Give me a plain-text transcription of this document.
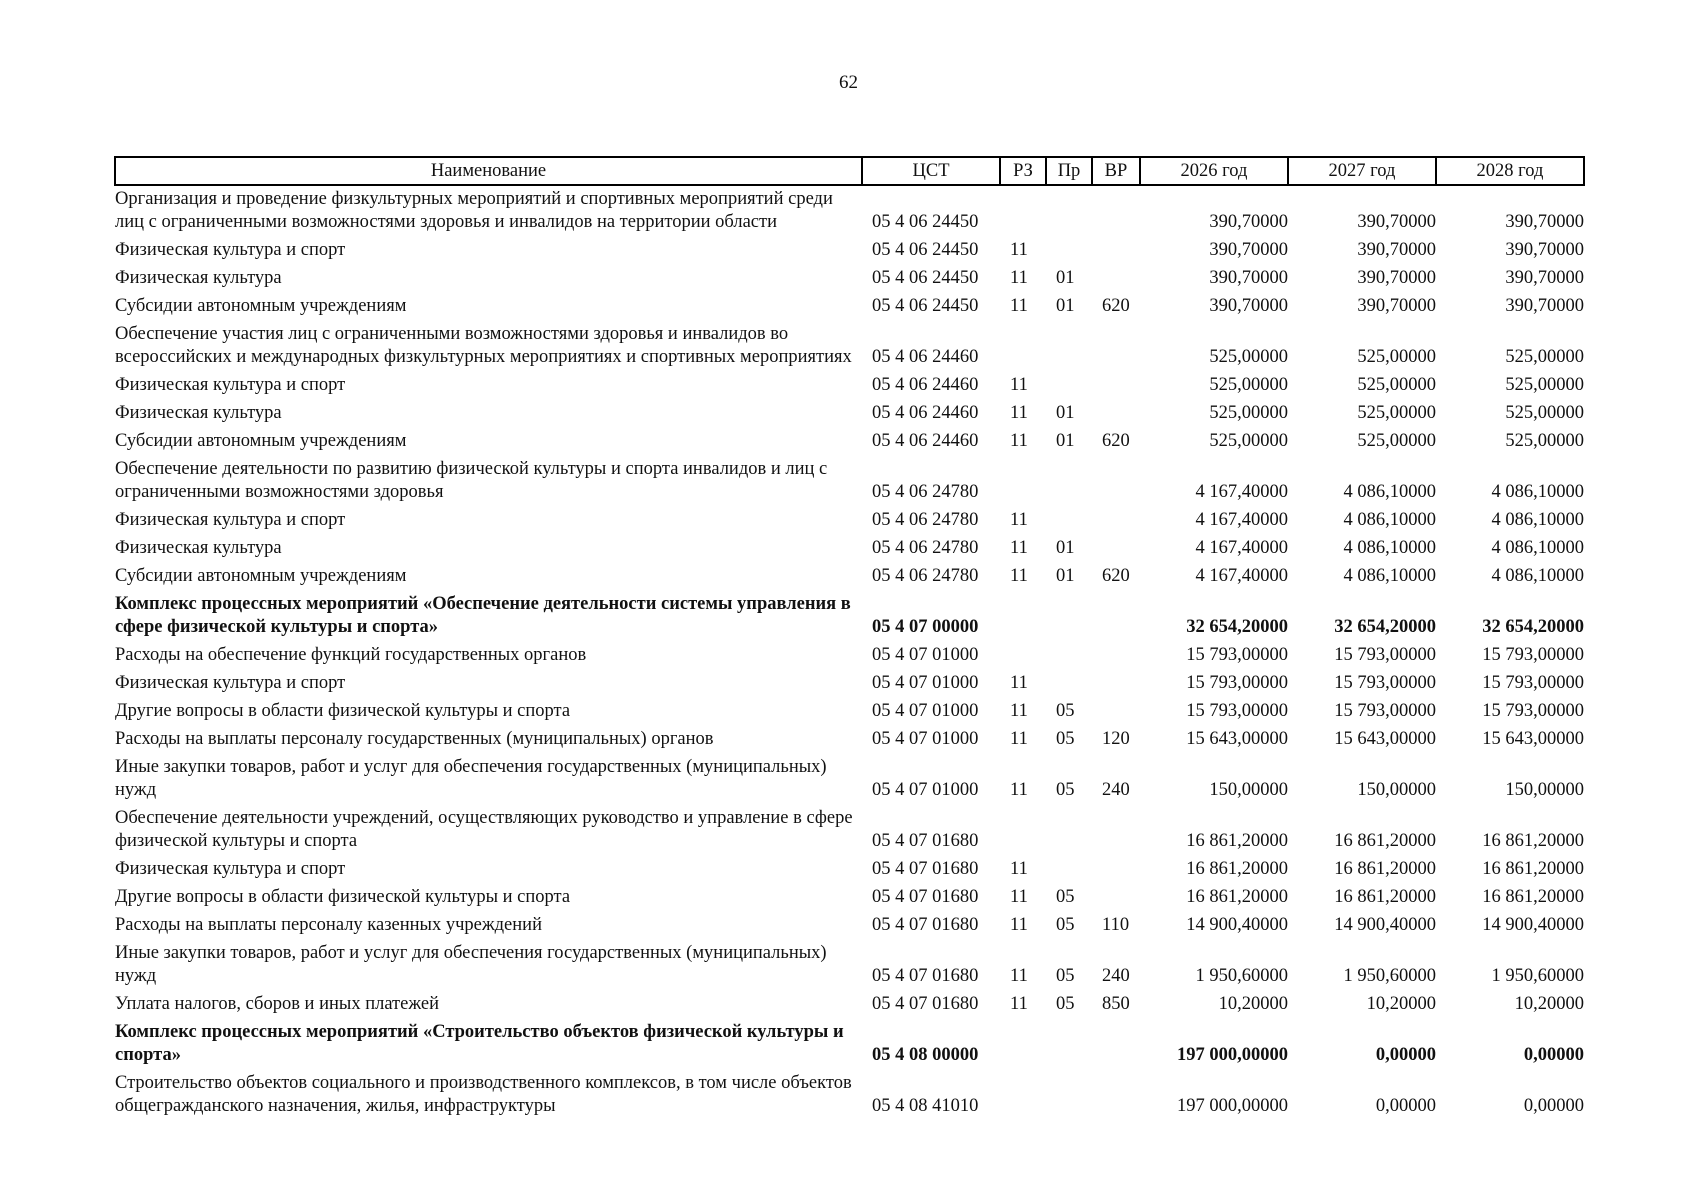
62
Наименование	ЦСТ	РЗ	Пр	ВР	2026 год	2027 год	2028 год
Организация и проведение физкультурных мероприятий и спортивных мероприятий среди лиц с ограниченными возможностями здоровья и инвалидов на территории области	05 4 06 24450				390,70000	390,70000	390,70000
Физическая культура и спорт	05 4 06 24450	11			390,70000	390,70000	390,70000
Физическая культура	05 4 06 24450	11	01		390,70000	390,70000	390,70000
Субсидии автономным учреждениям	05 4 06 24450	11	01	620	390,70000	390,70000	390,70000
Обеспечение участия лиц с ограниченными возможностями здоровья и инвалидов во всероссийских и международных физкультурных мероприятиях и спортивных мероприятиях	05 4 06 24460				525,00000	525,00000	525,00000
Физическая культура и спорт	05 4 06 24460	11			525,00000	525,00000	525,00000
Физическая культура	05 4 06 24460	11	01		525,00000	525,00000	525,00000
Субсидии автономным учреждениям	05 4 06 24460	11	01	620	525,00000	525,00000	525,00000
Обеспечение деятельности по развитию физической культуры и спорта инвалидов и лиц с ограниченными возможностями здоровья	05 4 06 24780				4 167,40000	4 086,10000	4 086,10000
Физическая культура и спорт	05 4 06 24780	11			4 167,40000	4 086,10000	4 086,10000
Физическая культура	05 4 06 24780	11	01		4 167,40000	4 086,10000	4 086,10000
Субсидии автономным учреждениям	05 4 06 24780	11	01	620	4 167,40000	4 086,10000	4 086,10000
Комплекс процессных мероприятий «Обеспечение деятельности системы управления в сфере физической культуры и спорта»	05 4 07 00000				32 654,20000	32 654,20000	32 654,20000
Расходы на обеспечение функций государственных органов	05 4 07 01000				15 793,00000	15 793,00000	15 793,00000
Физическая культура и спорт	05 4 07 01000	11			15 793,00000	15 793,00000	15 793,00000
Другие вопросы в области физической культуры и спорта	05 4 07 01000	11	05		15 793,00000	15 793,00000	15 793,00000
Расходы на выплаты персоналу государственных (муниципальных) органов	05 4 07 01000	11	05	120	15 643,00000	15 643,00000	15 643,00000
Иные закупки товаров, работ и услуг для обеспечения государственных (муниципальных) нужд	05 4 07 01000	11	05	240	150,00000	150,00000	150,00000
Обеспечение деятельности учреждений, осуществляющих руководство и управление в сфере физической культуры и спорта	05 4 07 01680				16 861,20000	16 861,20000	16 861,20000
Физическая культура и спорт	05 4 07 01680	11			16 861,20000	16 861,20000	16 861,20000
Другие вопросы в области физической культуры и спорта	05 4 07 01680	11	05		16 861,20000	16 861,20000	16 861,20000
Расходы на выплаты персоналу казенных учреждений	05 4 07 01680	11	05	110	14 900,40000	14 900,40000	14 900,40000
Иные закупки товаров, работ и услуг для обеспечения государственных (муниципальных) нужд	05 4 07 01680	11	05	240	1 950,60000	1 950,60000	1 950,60000
Уплата налогов, сборов и иных платежей	05 4 07 01680	11	05	850	10,20000	10,20000	10,20000
Комплекс процессных мероприятий «Строительство объектов физической культуры и спорта»	05 4 08 00000				197 000,00000	0,00000	0,00000
Строительство объектов социального и производственного комплексов, в том числе объектов общегражданского назначения, жилья, инфраструктуры	05 4 08 41010				197 000,00000	0,00000	0,00000
